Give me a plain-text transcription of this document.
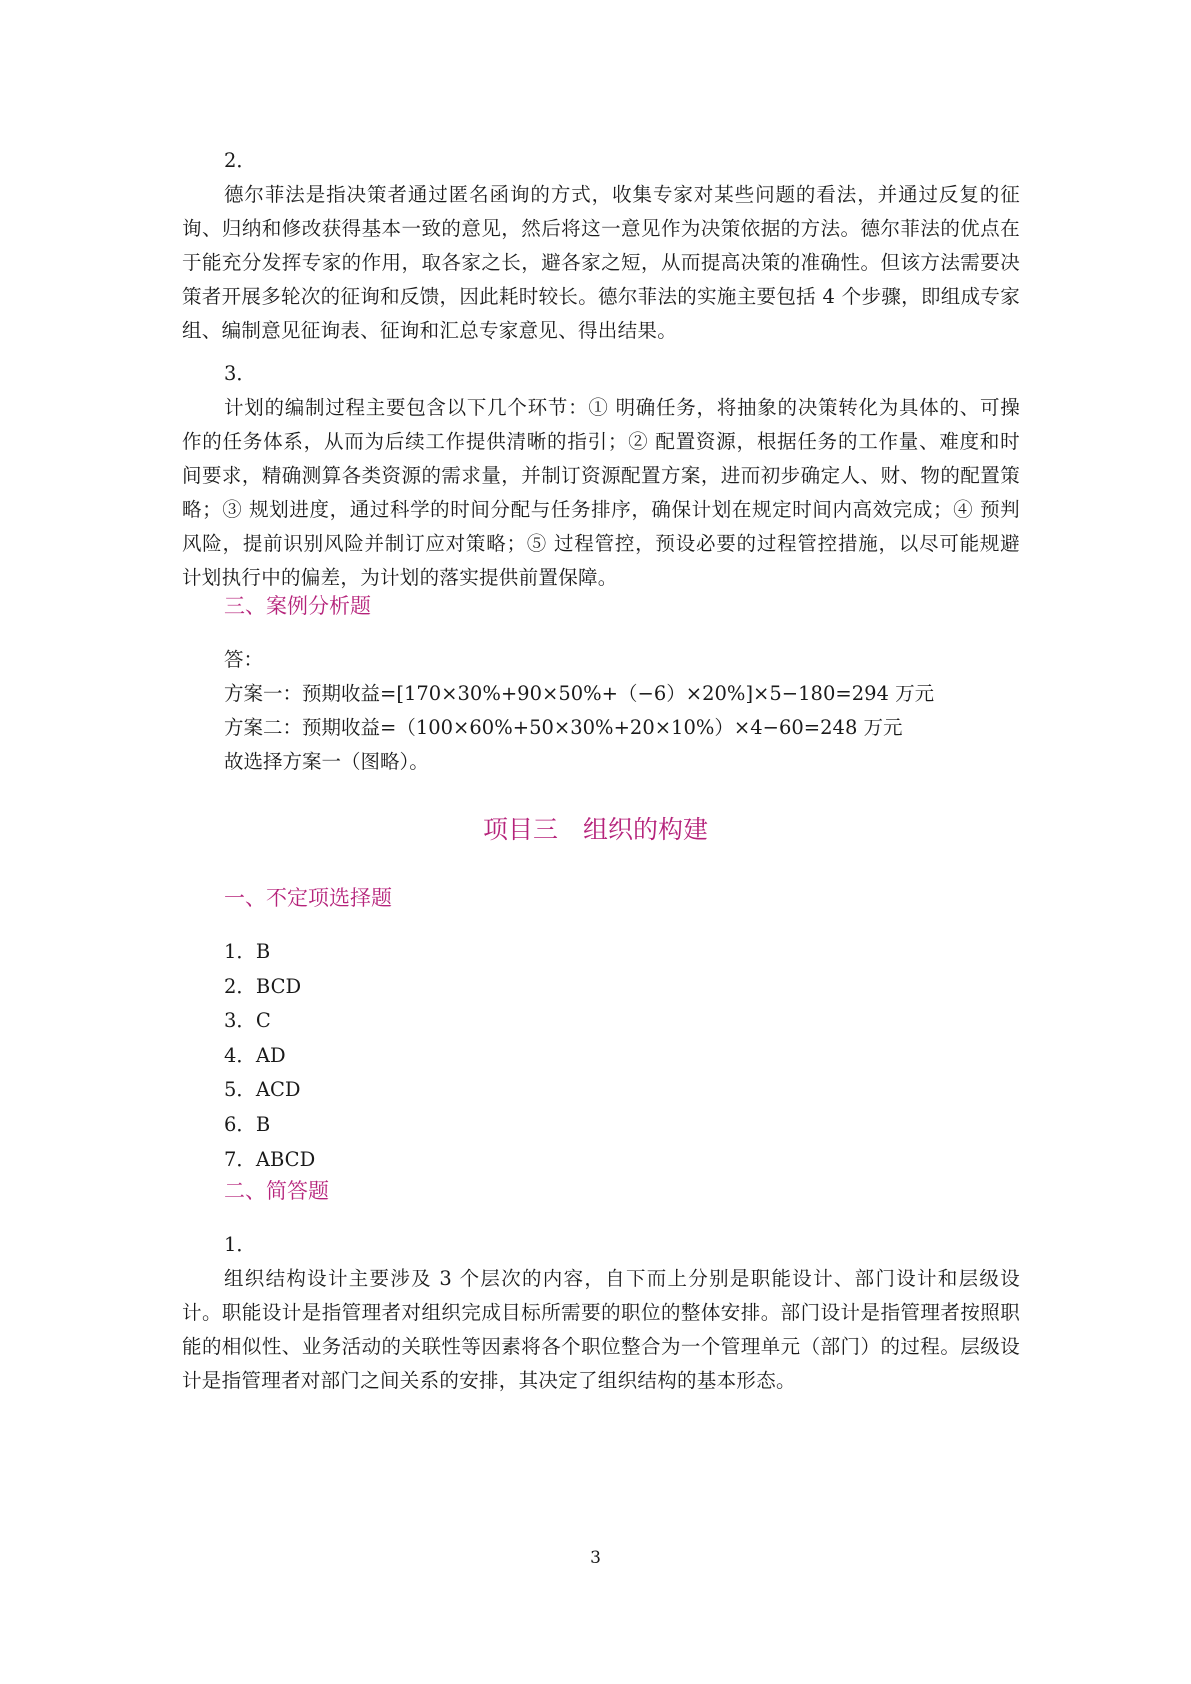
2．

德尔菲法是指决策者通过匿名函询的方式，收集专家对某些问题的看法，并通过反复的征询、归纳和修改获得基本一致的意见，然后将这一意见作为决策依据的方法。德尔菲法的优点在于能充分发挥专家的作用，取各家之长，避各家之短，从而提高决策的准确性。但该方法需要决策者开展多轮次的征询和反馈，因此耗时较长。德尔菲法的实施主要包括 4 个步骤，即组成专家组、编制意见征询表、征询和汇总专家意见、得出结果。

3．

计划的编制过程主要包含以下几个环节：① 明确任务，将抽象的决策转化为具体的、可操作的任务体系，从而为后续工作提供清晰的指引；② 配置资源，根据任务的工作量、难度和时间要求，精确测算各类资源的需求量，并制订资源配置方案，进而初步确定人、财、物的配置策略；③ 规划进度，通过科学的时间分配与任务排序，确保计划在规定时间内高效完成；④ 预判风险，提前识别风险并制订应对策略；⑤ 过程管控，预设必要的过程管控措施，以尽可能规避计划执行中的偏差，为计划的落实提供前置保障。

三、案例分析题

答：

方案一：预期收益=[170×30%+90×50%+（−6）×20%]×5−180=294 万元

方案二：预期收益=（100×60%+50×30%+20×10%）×4−60=248 万元

故选择方案一（图略）。

项目三　组织的构建
一、不定项选择题
1．B
2．BCD
3．C
4．AD
5．ACD
6．B
7．ABCD
二、简答题

1．

组织结构设计主要涉及 3 个层次的内容，自下而上分别是职能设计、部门设计和层级设计。职能设计是指管理者对组织完成目标所需要的职位的整体安排。部门设计是指管理者按照职能的相似性、业务活动的关联性等因素将各个职位整合为一个管理单元（部门）的过程。层级设计是指管理者对部门之间关系的安排，其决定了组织结构的基本形态。

3
